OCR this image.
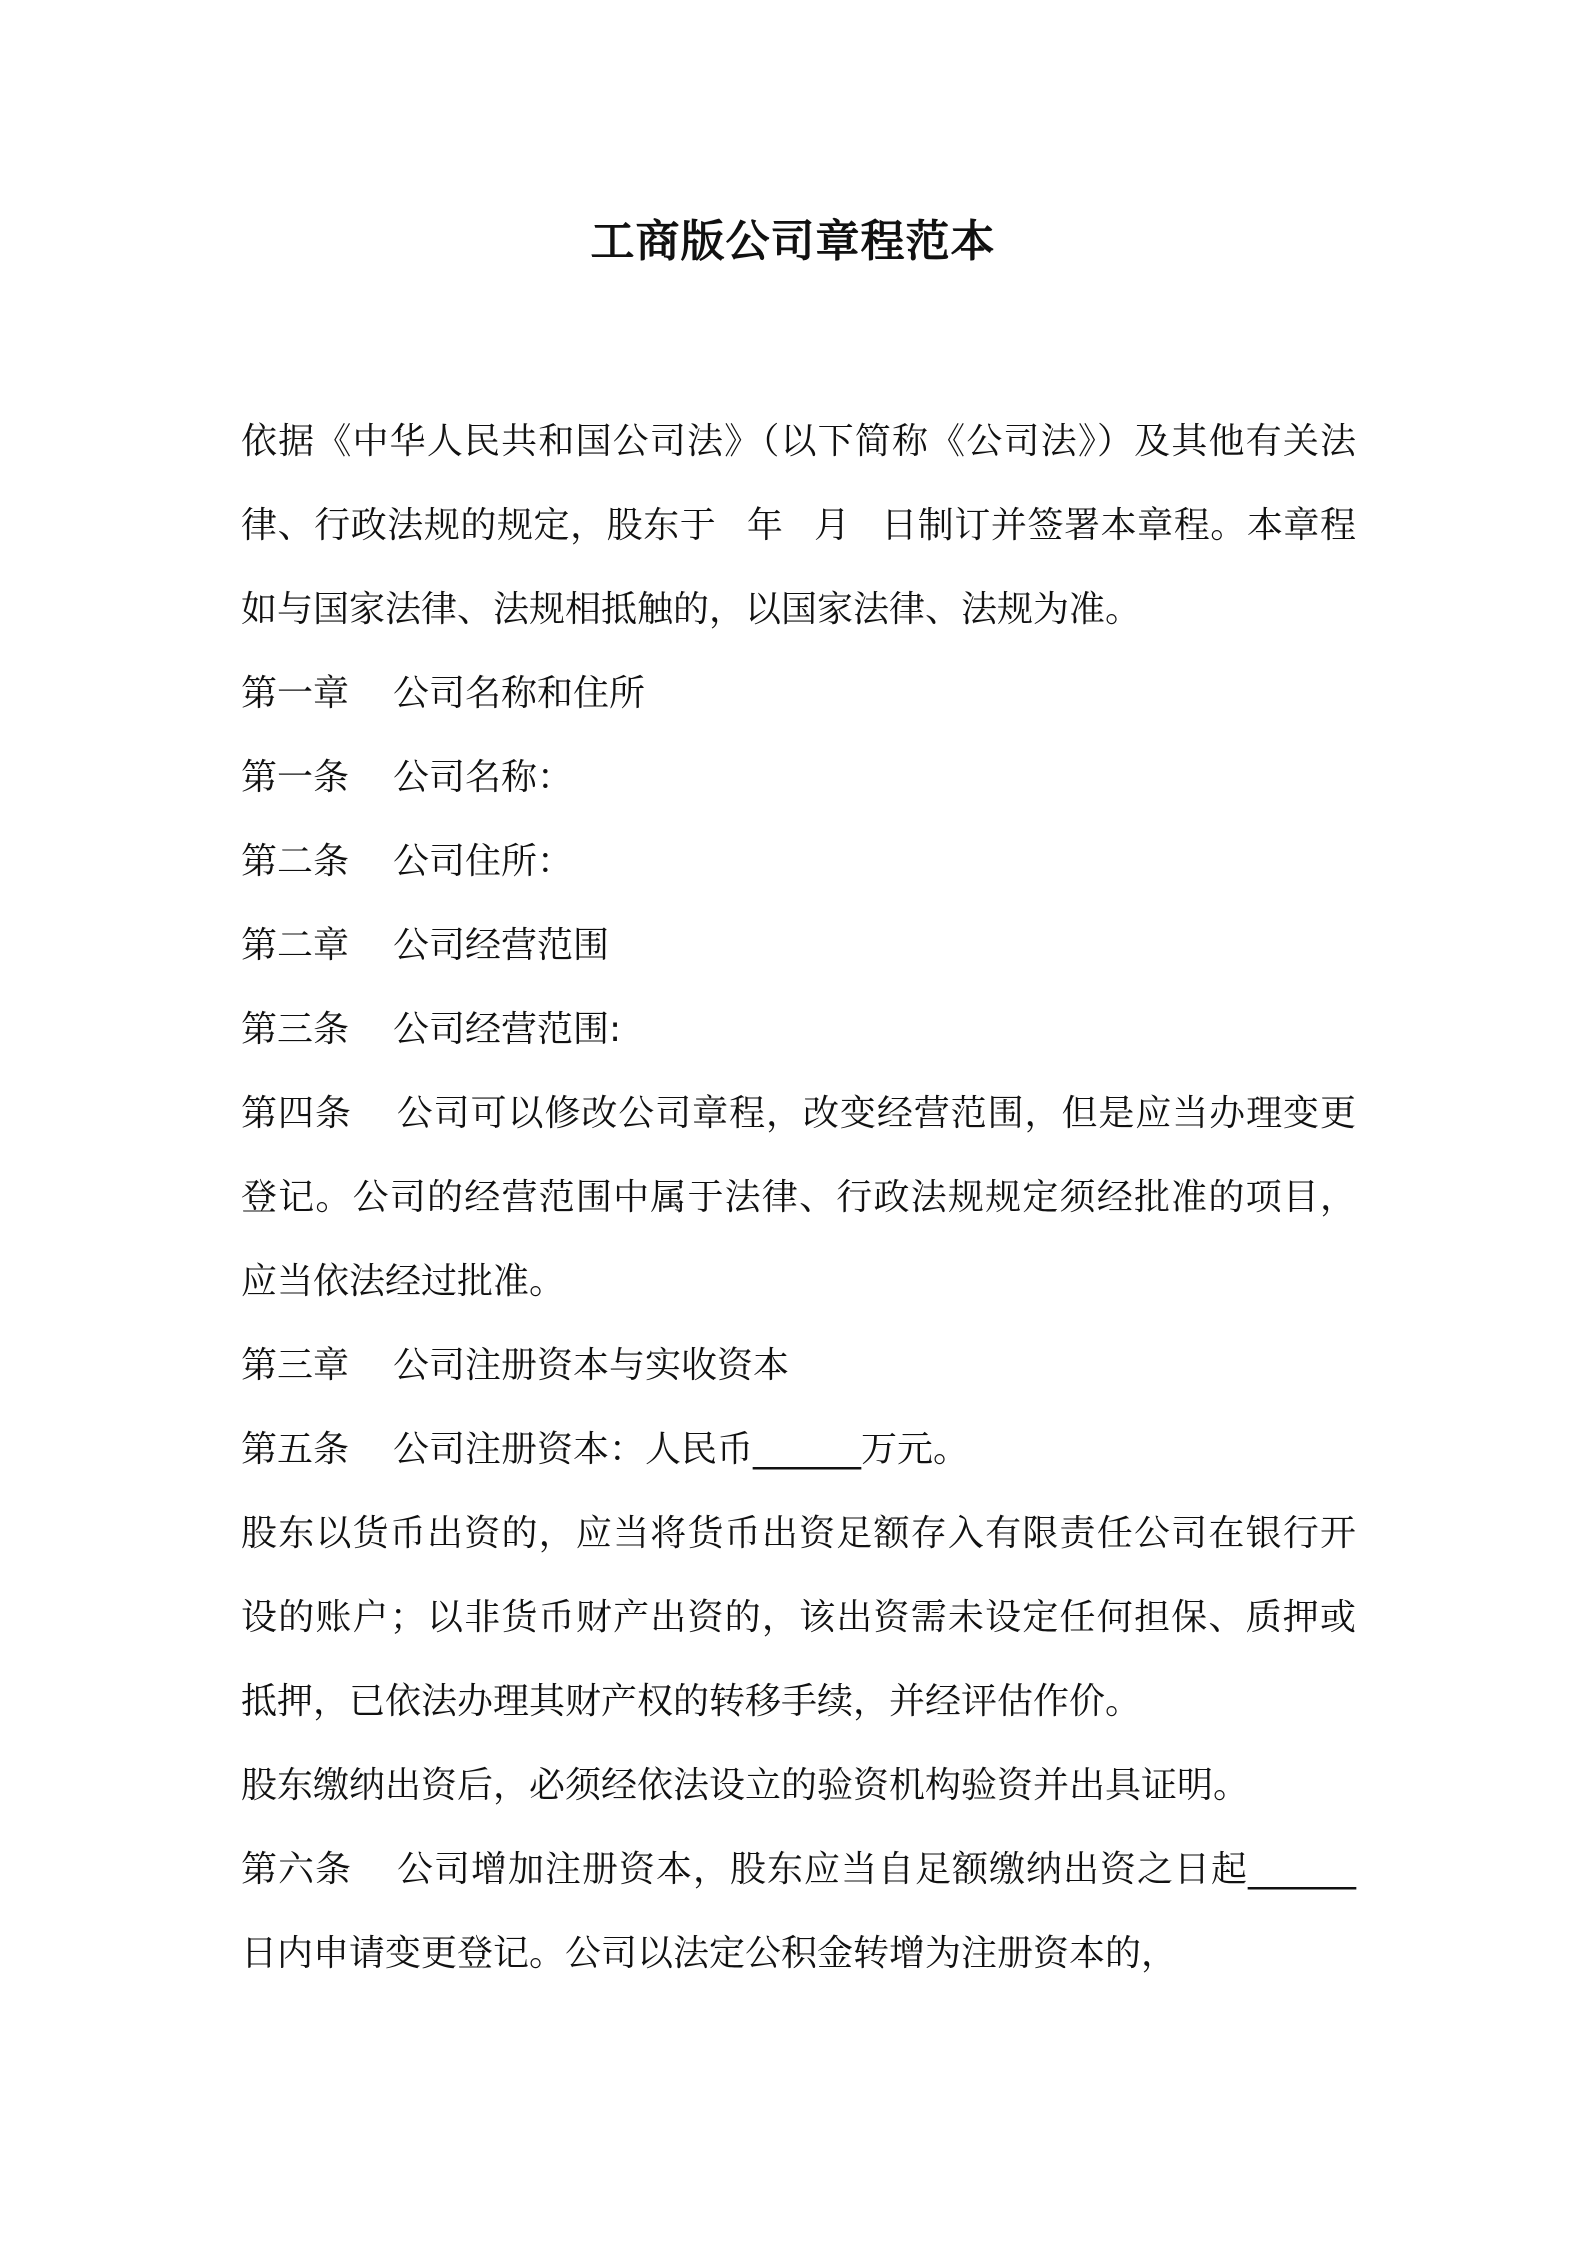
工商版公司章程范本

依据《中华人民共和国公司法》（以下简称《公司法》）及其他有关法律、行政法规的规定，股东于 年 月 日制订并签署本章程。本章程如与国家法律、法规相抵触的，以国家法律、法规为准。

第一章 公司名称和住所

第一条 公司名称：

第二条 公司住所：

第二章 公司经营范围

第三条 公司经营范围:

第四条 公司可以修改公司章程，改变经营范围，但是应当办理变更登记。公司的经营范围中属于法律、行政法规规定须经批准的项目，应当依法经过批准。

第三章 公司注册资本与实收资本

第五条 公司注册资本：人民币______万元。

股东以货币出资的，应当将货币出资足额存入有限责任公司在银行开设的账户；以非货币财产出资的，该出资需未设定任何担保、质押或抵押，已依法办理其财产权的转移手续，并经评估作价。

股东缴纳出资后，必须经依法设立的验资机构验资并出具证明。

第六条 公司增加注册资本，股东应当自足额缴纳出资之日起______日内申请变更登记。公司以法定公积金转增为注册资本的，
